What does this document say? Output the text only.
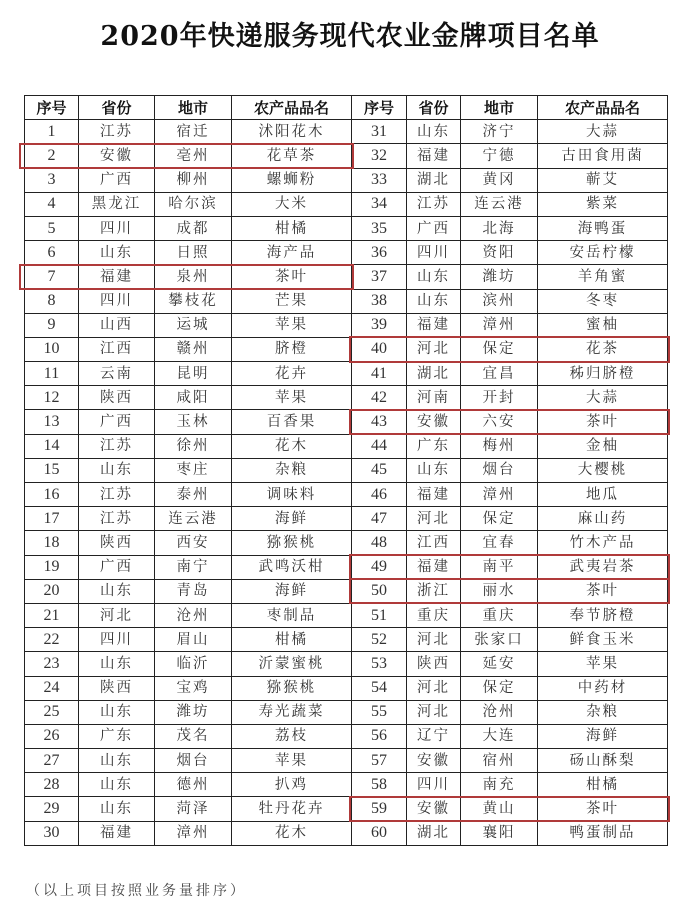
2020年快递服务现代农业金牌项目名单
序号	省份	地市	农产品品名	序号	省份	地市	农产品品名
1	江苏	宿迁	沭阳花木	31	山东	济宁	大蒜
2	安徽	亳州	花草茶	32	福建	宁德	古田食用菌
3	广西	柳州	螺蛳粉	33	湖北	黄冈	蕲艾
4	黑龙江	哈尔滨	大米	34	江苏	连云港	紫菜
5	四川	成都	柑橘	35	广西	北海	海鸭蛋
6	山东	日照	海产品	36	四川	资阳	安岳柠檬
7	福建	泉州	茶叶	37	山东	潍坊	羊角蜜
8	四川	攀枝花	芒果	38	山东	滨州	冬枣
9	山西	运城	苹果	39	福建	漳州	蜜柚
10	江西	赣州	脐橙	40	河北	保定	花茶
11	云南	昆明	花卉	41	湖北	宜昌	秭归脐橙
12	陕西	咸阳	苹果	42	河南	开封	大蒜
13	广西	玉林	百香果	43	安徽	六安	茶叶
14	江苏	徐州	花木	44	广东	梅州	金柚
15	山东	枣庄	杂粮	45	山东	烟台	大樱桃
16	江苏	泰州	调味料	46	福建	漳州	地瓜
17	江苏	连云港	海鲜	47	河北	保定	麻山药
18	陕西	西安	猕猴桃	48	江西	宜春	竹木产品
19	广西	南宁	武鸣沃柑	49	福建	南平	武夷岩茶
20	山东	青岛	海鲜	50	浙江	丽水	茶叶
21	河北	沧州	枣制品	51	重庆	重庆	奉节脐橙
22	四川	眉山	柑橘	52	河北	张家口	鲜食玉米
23	山东	临沂	沂蒙蜜桃	53	陕西	延安	苹果
24	陕西	宝鸡	猕猴桃	54	河北	保定	中药材
25	山东	潍坊	寿光蔬菜	55	河北	沧州	杂粮
26	广东	茂名	荔枝	56	辽宁	大连	海鲜
27	山东	烟台	苹果	57	安徽	宿州	砀山酥梨
28	山东	德州	扒鸡	58	四川	南充	柑橘
29	山东	菏泽	牡丹花卉	59	安徽	黄山	茶叶
30	福建	漳州	花木	60	湖北	襄阳	鸭蛋制品
（以上项目按照业务量排序）
